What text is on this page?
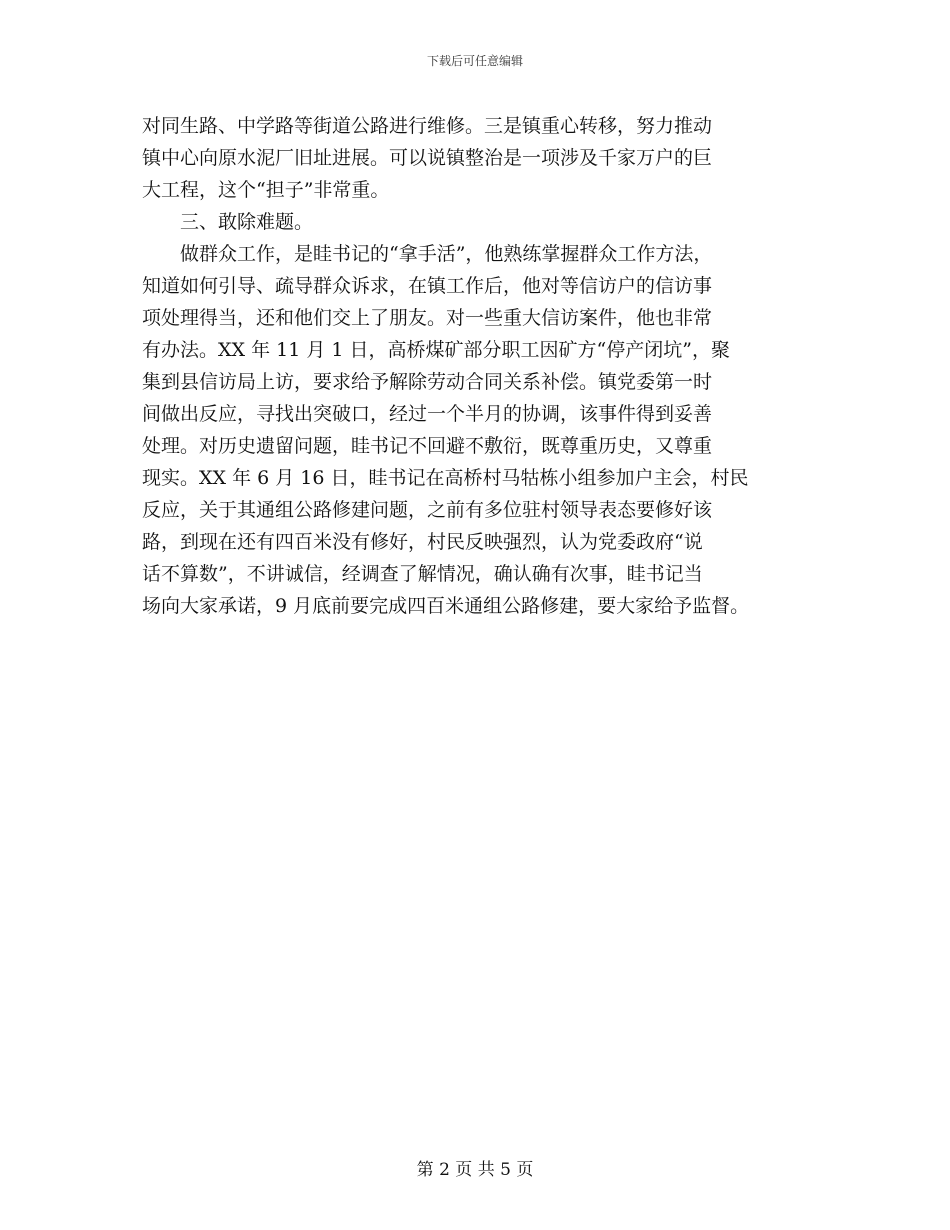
下载后可任意编辑
对同生路、中学路等街道公路进行维修。三是镇重心转移，努力推动
镇中心向原水泥厂旧址进展。可以说镇整治是一项涉及千家万户的巨
大工程，这个“担子”非常重。
三、敢除难题。
做群众工作，是眭书记的“拿手活”，他熟练掌握群众工作方法，
知道如何引导、疏导群众诉求，在镇工作后，他对等信访户的信访事
项处理得当，还和他们交上了朋友。对一些重大信访案件，他也非常
有办法。XX 年 11 月 1 日，高桥煤矿部分职工因矿方“停产闭坑”，聚
集到县信访局上访，要求给予解除劳动合同关系补偿。镇党委第一时
间做出反应，寻找出突破口，经过一个半月的协调，该事件得到妥善
处理。对历史遗留问题，眭书记不回避不敷衍，既尊重历史，又尊重
现实。XX 年 6 月 16 日，眭书记在高桥村马牯栋小组参加户主会，村民
反应，关于其通组公路修建问题，之前有多位驻村领导表态要修好该
路，到现在还有四百米没有修好，村民反映强烈，认为党委政府“说
话不算数”，不讲诚信，经调查了解情况，确认确有次事，眭书记当
场向大家承诺，9 月底前要完成四百米通组公路修建，要大家给予监督。
第 2 页 共 5 页
